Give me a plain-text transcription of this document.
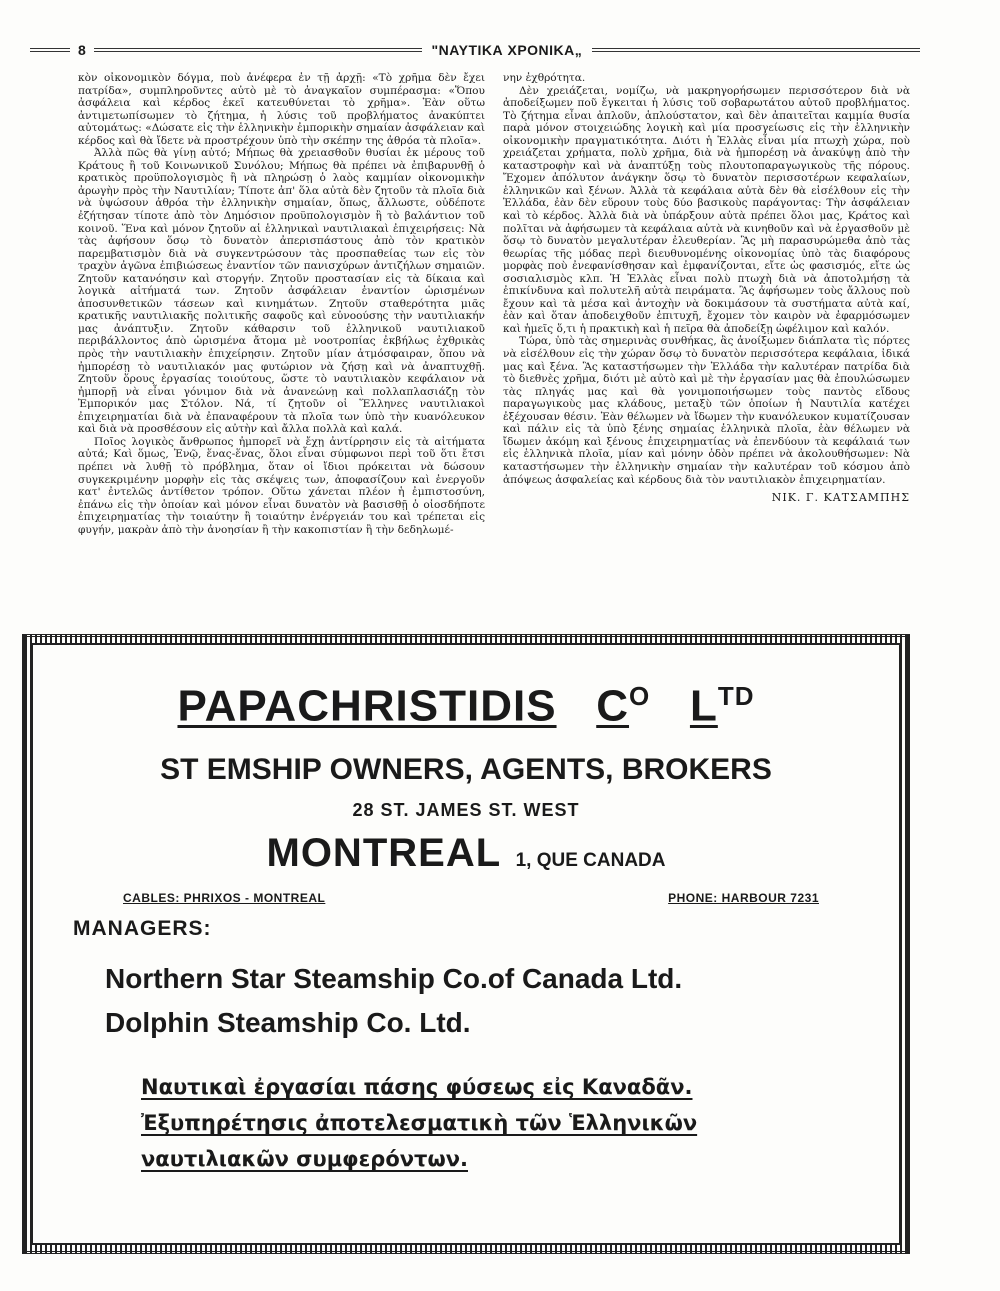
8	"ΝΑΥΤΙΚΑ ΧΡΟΝΙΚΑ„

κὸν οἰκονομικὸν δόγμα, ποὺ ἀνέφερα ἐν τῇ ἀρχῇ: «Τὸ χρῆμα δὲν ἔχει πατρίδα», συμπληροῦντες αὐτὸ μὲ τὸ ἀναγκαῖον συμπέρασμα: «Ὅπου ἀσφάλεια καὶ κέρδος ἐκεῖ κατευθύνεται τὸ χρῆμα». Ἐὰν οὕτω ἀντιμετωπίσωμεν τὸ ζήτημα, ἡ λύσις τοῦ προβλήματος ἀνακύπτει αὐτομάτως: «Δώσατε εἰς τὴν ἑλληνικὴν ἐμπορικὴν σημαίαν ἀσφάλειαν καὶ κέρδος καὶ θὰ ἴδετε νὰ προστρέχουν ὑπὸ τὴν σκέπην της ἀθρόα τὰ πλοῖα».

Ἀλλὰ πῶς θὰ γίνῃ αὐτό; Μήπως θὰ χρειασθοῦν θυσίαι ἐκ μέρους τοῦ Κράτους ἢ τοῦ Κοινωνικοῦ Συνόλου; Μήπως θὰ πρέπει νὰ ἐπιβαρυνθῇ ὁ κρατικὸς προϋπολογισμὸς ἢ νὰ πληρώσῃ ὁ λαὸς καμμίαν οἰκονομικὴν ἀρωγὴν πρὸς τὴν Ναυτιλίαν; Τίποτε ἀπ' ὅλα αὐτὰ δὲν ζητοῦν τὰ πλοῖα διὰ νὰ ὑψώσουν ἀθρόα τὴν ἑλληνικὴν σημαίαν, ὅπως, ἄλλωστε, οὐδέποτε ἐζήτησαν τίποτε ἀπὸ τὸν Δημόσιον προϋπολογισμὸν ἢ τὸ βαλάντιον τοῦ κοινοῦ. Ἕνα καὶ μόνον ζητοῦν αἱ ἑλληνικαὶ ναυτιλιακαὶ ἐπιχειρήσεις: Νὰ τὰς ἀφήσουν ὅσῳ τὸ δυνατὸν ἀπερισπάστους ἀπὸ τὸν κρατικὸν παρεμβατισμὸν διὰ νὰ συγκεντρώσουν τὰς προσπαθείας των εἰς τὸν τραχὺν ἀγῶνα ἐπιβιώσεως ἐναντίον τῶν πανισχύρων ἀντιζήλων σημαιῶν. Ζητοῦν κατανόησιν καὶ στοργήν. Ζητοῦν προστασίαν εἰς τὰ δίκαια καὶ λογικὰ αἰτήματά των. Ζητοῦν ἀσφάλειαν ἐναντίον ὡρισμένων ἀποσυνθετικῶν τάσεων καὶ κινημάτων. Ζητοῦν σταθερότητα μιᾶς κρατικῆς ναυτιλιακῆς πολιτικῆς σαφοῦς καὶ εὐνοούσης τὴν ναυτιλιακήν μας ἀνάπτυξιν. Ζητοῦν κάθαρσιν τοῦ ἑλληνικοῦ ναυτιλιακοῦ περιβάλλοντος ἀπὸ ὡρισμένα ἄτομα μὲ νοοτροπίας ἐκβήλως ἐχθρικὰς πρὸς τὴν ναυτιλιακὴν ἐπιχείρησιν. Ζητοῦν μίαν ἀτμόσφαιραν, ὅπου νὰ ἠμπορέσῃ τὸ ναυτιλιακόν μας φυτώριον νὰ ζήσῃ καὶ νὰ ἀναπτυχθῇ. Ζητοῦν ὅρους ἐργασίας τοιούτους, ὥστε τὸ ναυτιλιακὸν κεφάλαιον νὰ ἠμπορῇ νὰ εἶναι γόνιμον διὰ νὰ ἀνανεώνῃ καὶ πολλαπλασιάζῃ τὸν Ἐμπορικόν μας Στόλον. Νά, τί ζητοῦν οἱ Ἕλληνες ναυτιλιακοὶ ἐπιχειρηματίαι διὰ νὰ ἐπαναφέρουν τὰ πλοῖα των ὑπὸ τὴν κυανόλευκον καὶ διὰ νὰ προσθέσουν εἰς αὐτὴν καὶ ἄλλα πολλὰ καὶ καλά.

Ποῖος λογικὸς ἄνθρωπος ἠμπορεῖ νὰ ἔχῃ ἀντίρρησιν εἰς τὰ αἰτήματα αὐτά; Καὶ ὅμως, Ἐνῷ, ἕνας-ἕνας, ὅλοι εἶναι σύμφωνοι περὶ τοῦ ὅτι ἔτσι πρέπει νὰ λυθῇ τὸ πρόβλημα, ὅταν οἱ ἴδιοι πρόκειται νὰ δώσουν συγκεκριμένην μορφὴν εἰς τὰς σκέψεις των, ἀποφασίζουν καὶ ἐνεργοῦν κατ' ἐντελῶς ἀντίθετον τρόπον. Οὕτω χάνεται πλέον ἡ ἐμπιστοσύνη, ἐπάνω εἰς τὴν ὁποίαν καὶ μόνον εἶναι δυνατὸν νὰ βασισθῇ ὁ οἱοσδήποτε ἐπιχειρηματίας τὴν τοιαύτην ἢ τοιαύτην ἐνέργειάν του καὶ τρέπεται εἰς φυγήν, μακρὰν ἀπὸ τὴν ἀνοησίαν ἢ τὴν κακοπιστίαν ἢ τὴν δεδηλωμέ-

νην ἐχθρότητα.

Δὲν χρειάζεται, νομίζω, νὰ μακρηγορήσωμεν περισσότερον διὰ νὰ ἀποδείξωμεν ποῦ ἔγκειται ἡ λύσις τοῦ σοβαρωτάτου αὐτοῦ προβλήματος. Τὸ ζήτημα εἶναι ἁπλοῦν, ἁπλούστατον, καὶ δὲν ἀπαιτεῖται καμμία θυσία παρὰ μόνον στοιχειώδης λογικὴ καὶ μία προσγείωσις εἰς τὴν ἑλληνικὴν οἰκονομικὴν πραγματικότητα. Διότι ἡ Ἑλλὰς εἶναι μία πτωχὴ χώρα, ποὺ χρειάζεται χρήματα, πολὺ χρῆμα, διὰ νὰ ἠμπορέσῃ νὰ ἀνακύψῃ ἀπὸ τὴν καταστροφὴν καὶ νὰ ἀναπτύξῃ τοὺς πλουτοπαραγωγικοὺς τῆς πόρους. Ἔχομεν ἀπόλυτον ἀνάγκην ὅσῳ τὸ δυνατὸν περισσοτέρων κεφαλαίων, ἑλληνικῶν καὶ ξένων. Ἀλλὰ τὰ κεφάλαια αὐτὰ δὲν θὰ εἰσέλθουν εἰς τὴν Ἑλλάδα, ἐὰν δὲν εὕρουν τοὺς δύο βασικοὺς παράγοντας: Τὴν ἀσφάλειαν καὶ τὸ κέρδος. Ἀλλὰ διὰ νὰ ὑπάρξουν αὐτὰ πρέπει ὅλοι μας, Κράτος καὶ πολῖται νὰ ἀφήσωμεν τὰ κεφάλαια αὐτὰ νὰ κινηθοῦν καὶ νὰ ἐργασθοῦν μὲ ὅσῳ τὸ δυνατὸν μεγαλυτέραν ἐλευθερίαν. Ἂς μὴ παρασυρώμεθα ἀπὸ τὰς θεωρίας τῆς μόδας περὶ διευθυνομένης οἰκονομίας ὑπὸ τὰς διαφόρους μορφὰς ποὺ ἐνεφανίσθησαν καὶ ἐμφανίζονται, εἴτε ὡς φασισμός, εἴτε ὡς σοσιαλισμὸς κλπ. Ἡ Ἑλλὰς εἶναι πολὺ πτωχὴ διὰ νὰ ἀποτολμήσῃ τὰ ἐπικίνδυνα καὶ πολυτελῆ αὐτὰ πειράματα. Ἂς ἀφήσωμεν τοὺς ἄλλους ποὺ ἔχουν καὶ τὰ μέσα καὶ ἀντοχὴν νὰ δοκιμάσουν τὰ συστήματα αὐτὰ καί, ἐὰν καὶ ὅταν ἀποδειχθοῦν ἐπιτυχῆ, ἔχομεν τὸν καιρὸν νὰ ἐφαρμόσωμεν καὶ ἡμεῖς ὅ,τι ἡ πρακτικὴ καὶ ἡ πεῖρα θὰ ἀποδείξῃ ὠφέλιμον καὶ καλόν.

Τώρα, ὑπὸ τὰς σημερινὰς συνθήκας, ἂς ἀνοίξωμεν διάπλατα τὶς πόρτες νὰ εἰσέλθουν εἰς τὴν χώραν ὅσῳ τὸ δυνατὸν περισσότερα κεφάλαια, ἰδικά μας καὶ ξένα. Ἂς καταστήσωμεν τὴν Ἑλλάδα τὴν καλυτέραν πατρίδα διὰ τὸ διεθνὲς χρῆμα, διότι μὲ αὐτὸ καὶ μὲ τὴν ἐργασίαν μας θὰ ἐπουλώσωμεν τὰς πληγάς μας καὶ θὰ γονιμοποιήσωμεν τοὺς παντὸς εἴδους παραγωγικοὺς μας κλάδους, μεταξὺ τῶν ὁποίων ἡ Ναυτιλία κατέχει ἐξέχουσαν θέσιν. Ἐὰν θέλωμεν νὰ ἴδωμεν τὴν κυανόλευκον κυματίζουσαν καὶ πάλιν εἰς τὰ ὑπὸ ξένης σημαίας ἑλληνικὰ πλοῖα, ἐὰν θέλωμεν νὰ ἴδωμεν ἀκόμη καὶ ξένους ἐπιχειρηματίας νὰ ἐπενδύουν τὰ κεφάλαιά των εἰς ἑλληνικὰ πλοῖα, μίαν καὶ μόνην ὁδὸν πρέπει νὰ ἀκολουθήσωμεν: Νὰ καταστήσωμεν τὴν ἑλληνικὴν σημαίαν τὴν καλυτέραν τοῦ κόσμου ἀπὸ ἀπόψεως ἀσφαλείας καὶ κέρδους διὰ τὸν ναυτιλιακὸν ἐπιχειρηματίαν.

ΝΙΚ. Γ. ΚΑΤΣΑΜΠΗΣ
PAPACHRISTIDIS $C^O$ $L^{TD}$
ST EMSHIP OWNERS, AGENTS, BROKERS
28 ST. JAMES ST. WEST
MONTREAL 1, QUE CANADA
CABLES: PHRIXOS - MONTREAL	PHONE: HARBOUR 7231
MANAGERS:
Northern Star Steamship Co.of Canada Ltd.
Dolphin Steamship Co. Ltd.
Ναυτικαὶ ἐργασίαι πάσης φύσεως εἰς Καναδᾶν.
Ἐξυπηρέτησις ἀποτελεσματικὴ τῶν Ἑλληνικῶν
ναυτιλιακῶν συμφερόντων.
